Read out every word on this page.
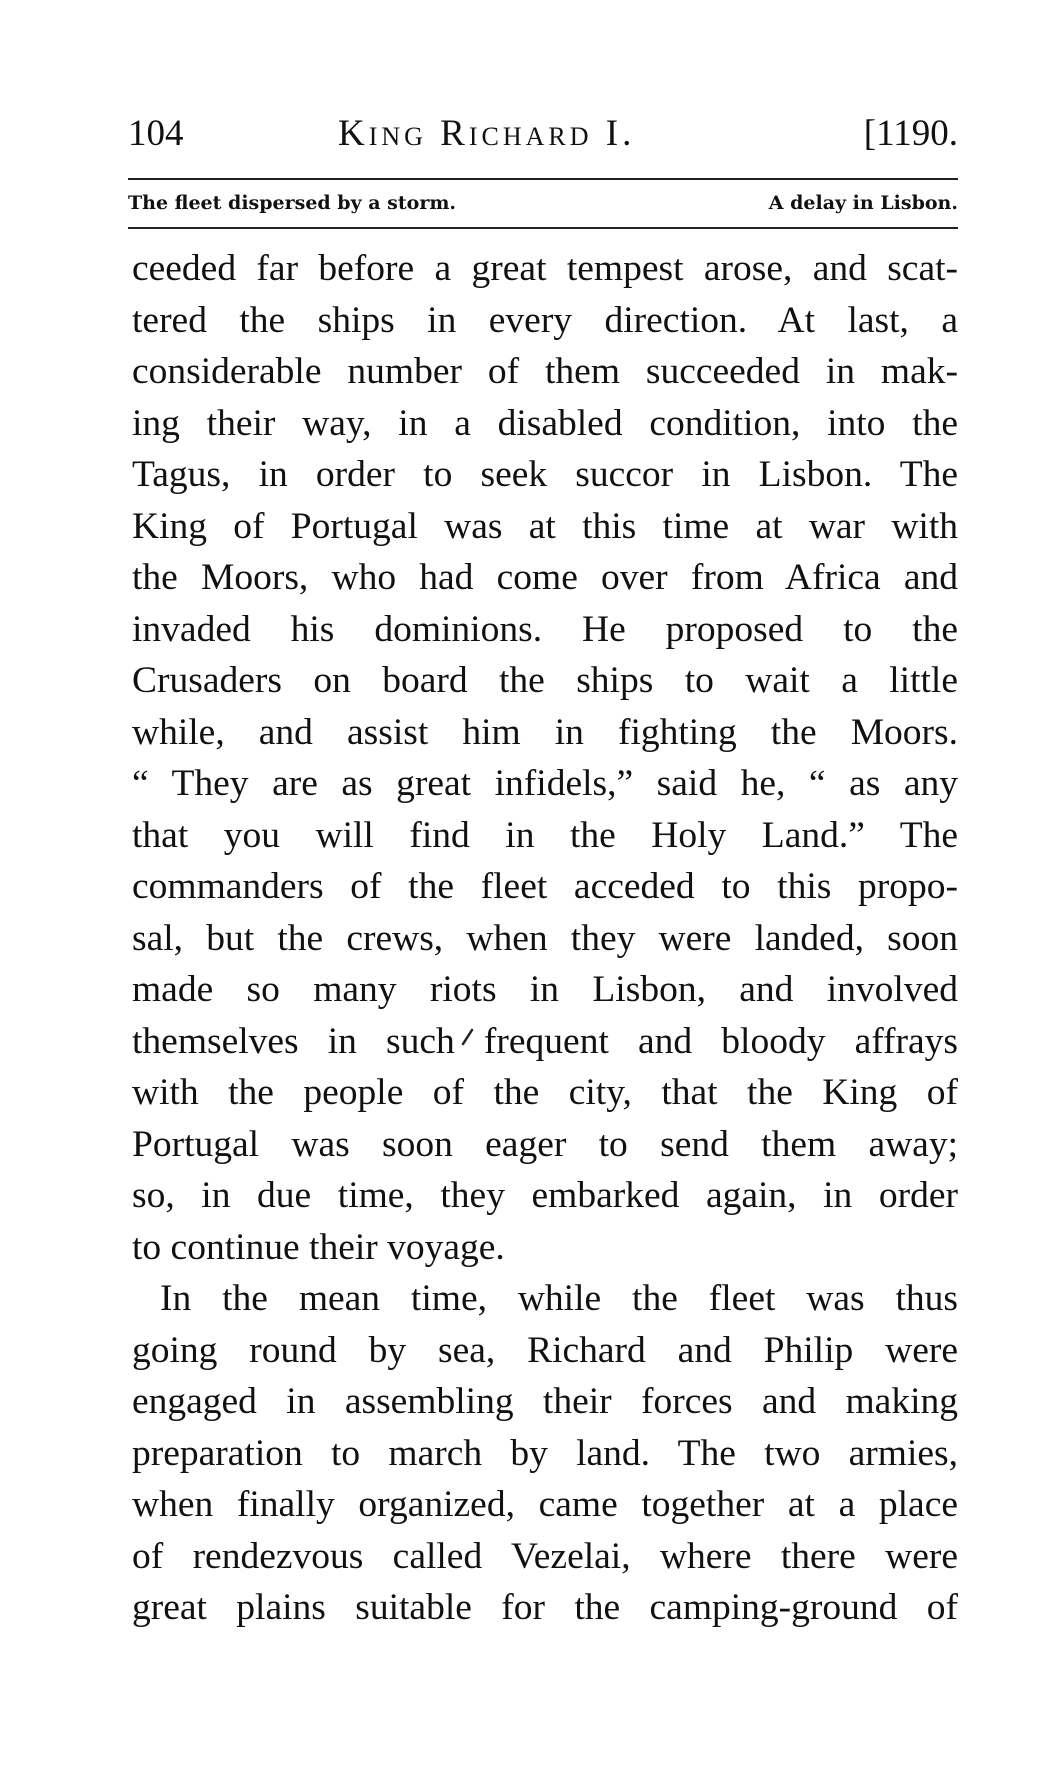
104	King Richard I.	[1190.
The fleet dispersed by a storm.	A delay in Lisbon.
ceeded far before a great tempest arose, and scat-
tered the ships in every direction. At last, a
considerable number of them succeeded in mak-
ing their way, in a disabled condition, into the
Tagus, in order to seek succor in Lisbon. The
King of Portugal was at this time at war with
the Moors, who had come over from Africa and
invaded his dominions. He proposed to the
Crusaders on board the ships to wait a little
while, and assist him in fighting the Moors.
“ They are as great infidels,” said he, “ as any
that you will find in the Holy Land.” The
commanders of the fleet acceded to this propo-
sal, but the crews, when they were landed, soon
made so many riots in Lisbon, and involved
themselves in such frequent and bloody affrays
with the people of the city, that the King of
Portugal was soon eager to send them away;
so, in due time, they embarked again, in order
to continue their voyage.
In the mean time, while the fleet was thus
going round by sea, Richard and Philip were
engaged in assembling their forces and making
preparation to march by land. The two armies,
when finally organized, came together at a place
of rendezvous called Vezelai, where there were
great plains suitable for the camping-ground of
